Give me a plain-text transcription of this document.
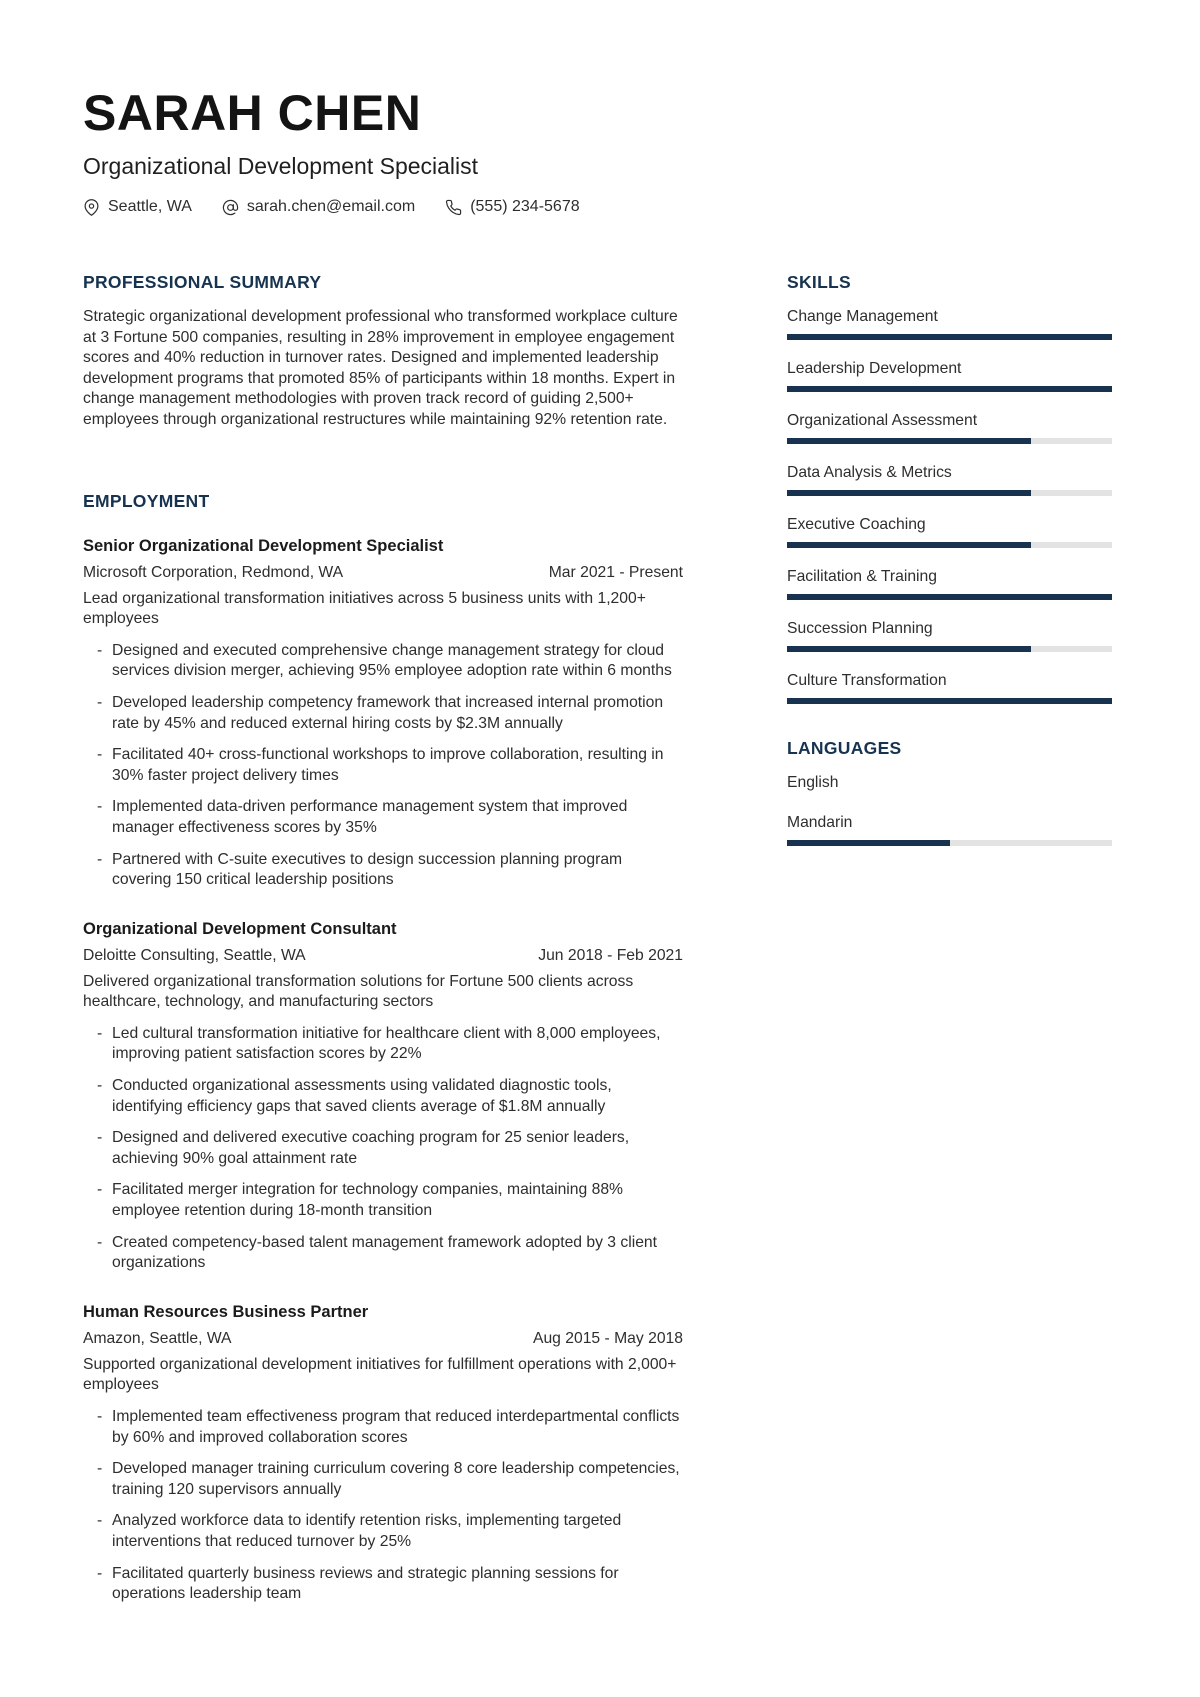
SARAH CHEN
Organizational Development Specialist
Seattle, WA	sarah.chen@email.com	(555) 234-5678
PROFESSIONAL SUMMARY

Strategic organizational development professional who transformed workplace culture at 3 Fortune 500 companies, resulting in 28% improvement in employee engagement scores and 40% reduction in turnover rates. Designed and implemented leadership development programs that promoted 85% of participants within 18 months. Expert in change management methodologies with proven track record of guiding 2,500+ employees through organizational restructures while maintaining 92% retention rate.

EMPLOYMENT
Senior Organizational Development Specialist
Microsoft Corporation, Redmond, WA	Mar 2021 - Present

Lead organizational transformation initiatives across 5 business units with 1,200+ employees

- Designed and executed comprehensive change management strategy for cloud services division merger, achieving 95% employee adoption rate within 6 months
- Developed leadership competency framework that increased internal promotion rate by 45% and reduced external hiring costs by $2.3M annually
- Facilitated 40+ cross-functional workshops to improve collaboration, resulting in 30% faster project delivery times
- Implemented data-driven performance management system that improved manager effectiveness scores by 35%
- Partnered with C-suite executives to design succession planning program covering 150 critical leadership positions
Organizational Development Consultant
Deloitte Consulting, Seattle, WA	Jun 2018 - Feb 2021

Delivered organizational transformation solutions for Fortune 500 clients across healthcare, technology, and manufacturing sectors

- Led cultural transformation initiative for healthcare client with 8,000 employees, improving patient satisfaction scores by 22%
- Conducted organizational assessments using validated diagnostic tools, identifying efficiency gaps that saved clients average of $1.8M annually
- Designed and delivered executive coaching program for 25 senior leaders, achieving 90% goal attainment rate
- Facilitated merger integration for technology companies, maintaining 88% employee retention during 18-month transition
- Created competency-based talent management framework adopted by 3 client organizations
Human Resources Business Partner
Amazon, Seattle, WA	Aug 2015 - May 2018

Supported organizational development initiatives for fulfillment operations with 2,000+ employees

- Implemented team effectiveness program that reduced interdepartmental conflicts by 60% and improved collaboration scores
- Developed manager training curriculum covering 8 core leadership competencies, training 120 supervisors annually
- Analyzed workforce data to identify retention risks, implementing targeted interventions that reduced turnover by 25%
- Facilitated quarterly business reviews and strategic planning sessions for operations leadership team
SKILLS
Change Management
Leadership Development
Organizational Assessment
Data Analysis & Metrics
Executive Coaching
Facilitation & Training
Succession Planning
Culture Transformation
LANGUAGES
English
Mandarin
